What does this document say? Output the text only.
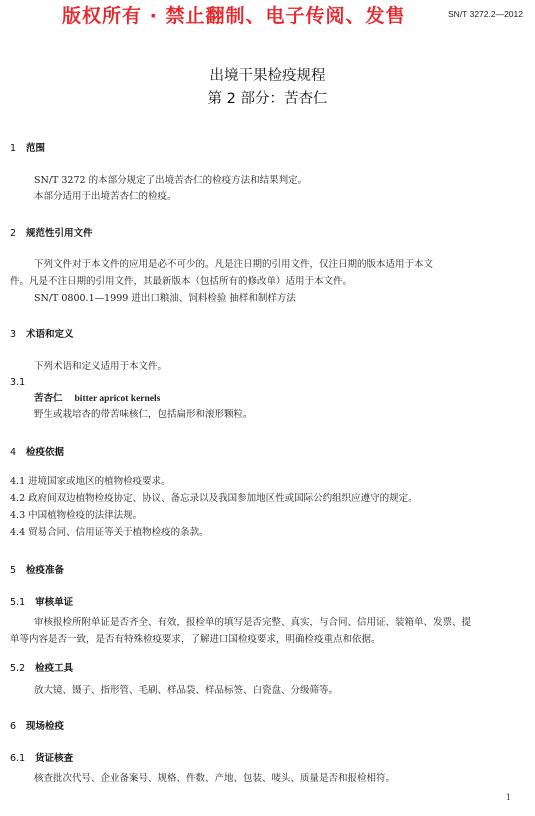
版权所有 · 禁止翻制、电子传阅、发售	SN/T 3272.2—2012
出境干果检疫规程
第 2 部分：苦杏仁
1 范围
SN/T 3272 的本部分规定了出境苦杏仁的检疫方法和结果判定。
本部分适用于出境苦杏仁的检疫。
2 规范性引用文件
下列文件对于本文件的应用是必不可少的。凡是注日期的引用文件，仅注日期的版本适用于本文
件。凡是不注日期的引用文件，其最新版本（包括所有的修改单）适用于本文件。
SN/T 0800.1—1999 进出口粮油、饲料检验 抽样和制样方法
3 术语和定义
下列术语和定义适用于本文件。
3.1
苦杏仁 bitter apricot kernels
野生或栽培杏的带苦味核仁，包括扁形和滚形颗粒。
4 检疫依据
4.1 进境国家或地区的植物检疫要求。
4.2 政府间双边植物检疫协定、协议、备忘录以及我国参加地区性或国际公约组织应遵守的规定。
4.3 中国植物检疫的法律法规。
4.4 贸易合同、信用证等关于植物检疫的条款。
5 检疫准备
5.1 审核单证
审核报检所附单证是否齐全、有效，报检单的填写是否完整、真实，与合同、信用证、装箱单、发票、提
单等内容是否一致，是否有特殊检疫要求，了解进口国检疫要求，明确检疫重点和依据。
5.2 检疫工具
放大镜、镊子、指形管、毛刷、样品袋、样品标签、白瓷盘、分级筛等。
6 现场检疫
6.1 货证核查
核查批次代号、企业备案号、规格、件数、产地、包装、唛头、质量是否和报检相符。
1
